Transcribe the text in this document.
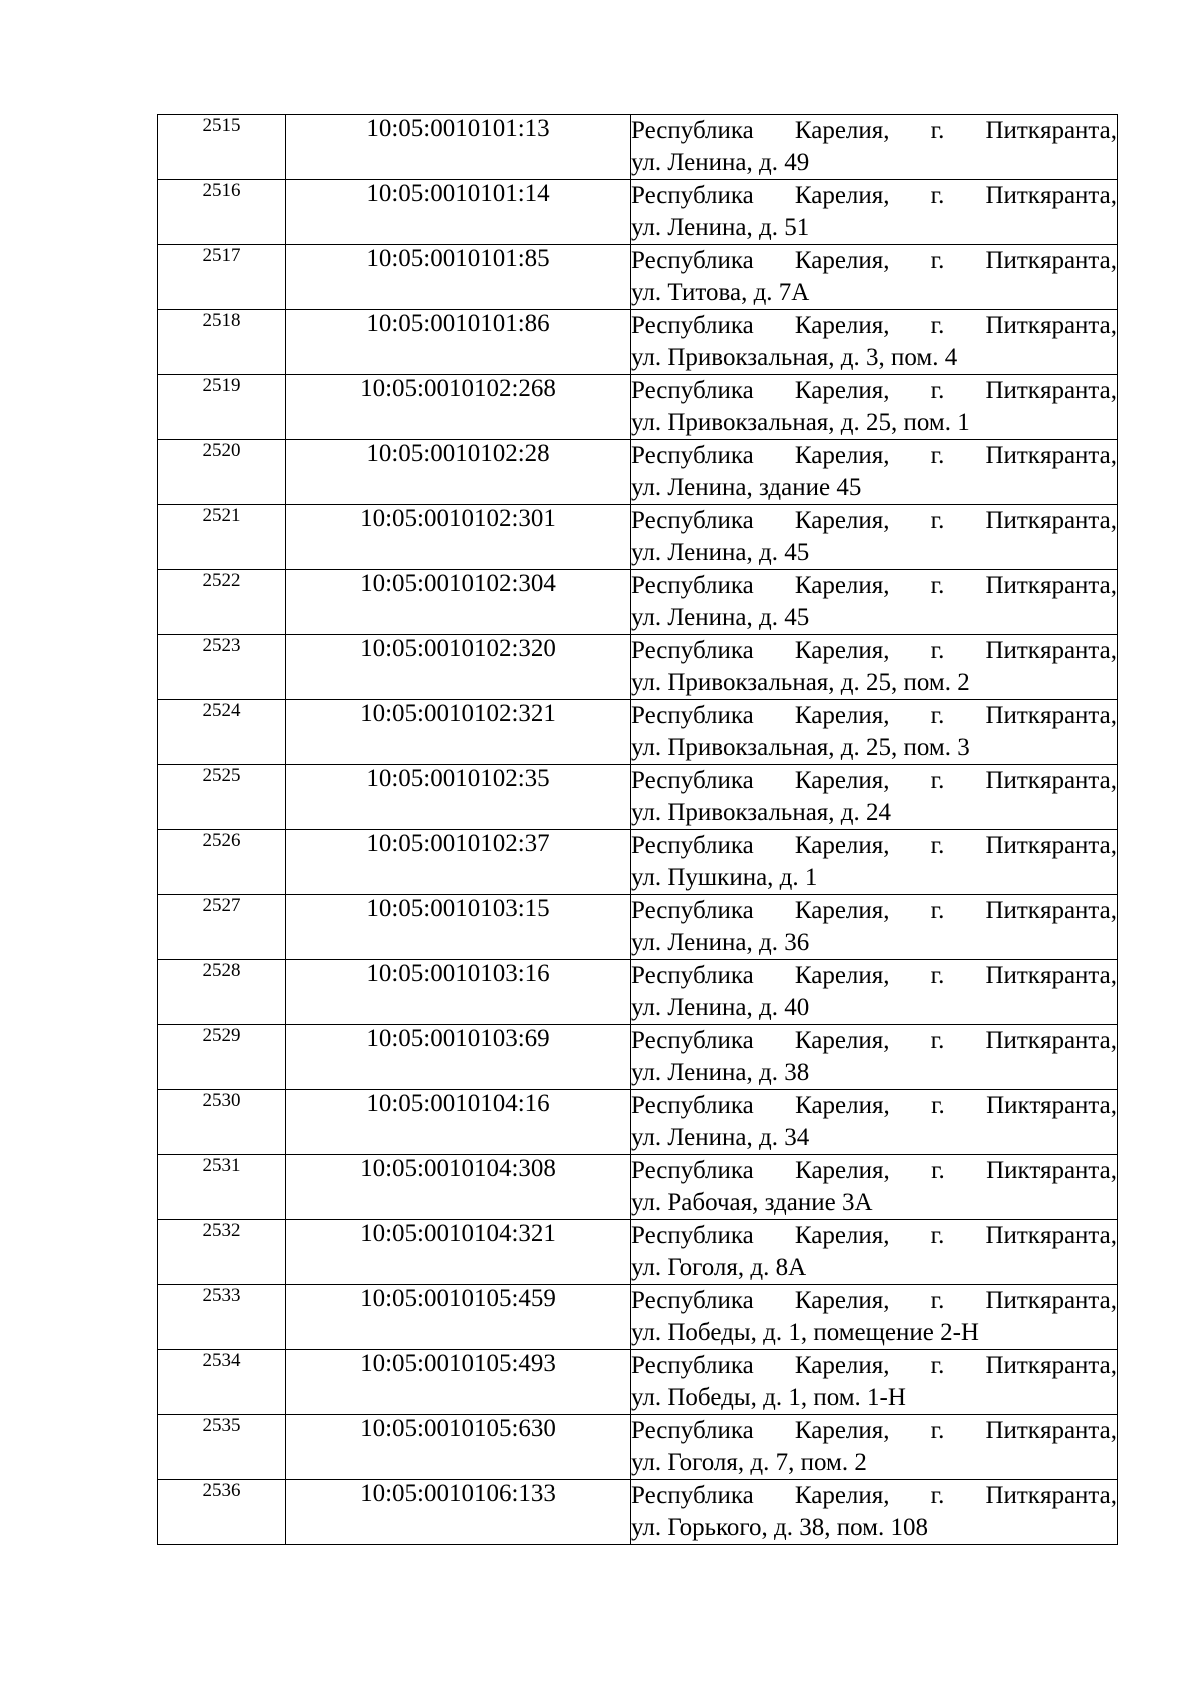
2515	10:05:0010101:13	Республика Карелия, г. Питкяранта,
ул. Ленина, д. 49

2516	10:05:0010101:14	Республика Карелия, г. Питкяранта,
ул. Ленина, д. 51

2517	10:05:0010101:85	Республика Карелия, г. Питкяранта,
ул. Титова, д. 7А

2518	10:05:0010101:86	Республика Карелия, г. Питкяранта,
ул. Привокзальная, д. 3, пом. 4

2519	10:05:0010102:268	Республика Карелия, г. Питкяранта,
ул. Привокзальная, д. 25, пом. 1

2520	10:05:0010102:28	Республика Карелия, г. Питкяранта,
ул. Ленина, здание 45

2521	10:05:0010102:301	Республика Карелия, г. Питкяранта,
ул. Ленина, д. 45

2522	10:05:0010102:304	Республика Карелия, г. Питкяранта,
ул. Ленина, д. 45

2523	10:05:0010102:320	Республика Карелия, г. Питкяранта,
ул. Привокзальная, д. 25, пом. 2

2524	10:05:0010102:321	Республика Карелия, г. Питкяранта,
ул. Привокзальная, д. 25, пом. 3

2525	10:05:0010102:35	Республика Карелия, г. Питкяранта,
ул. Привокзальная, д. 24

2526	10:05:0010102:37	Республика Карелия, г. Питкяранта,
ул. Пушкина, д. 1

2527	10:05:0010103:15	Республика Карелия, г. Питкяранта,
ул. Ленина, д. 36

2528	10:05:0010103:16	Республика Карелия, г. Питкяранта,
ул. Ленина, д. 40

2529	10:05:0010103:69	Республика Карелия, г. Питкяранта,
ул. Ленина, д. 38

2530	10:05:0010104:16	Республика Карелия, г. Пиктяранта,
ул. Ленина, д. 34

2531	10:05:0010104:308	Республика Карелия, г. Пиктяранта,
ул. Рабочая, здание 3А

2532	10:05:0010104:321	Республика Карелия, г. Питкяранта,
ул. Гоголя, д. 8А

2533	10:05:0010105:459	Республика Карелия, г. Питкяранта,
ул. Победы, д. 1, помещение 2-Н

2534	10:05:0010105:493	Республика Карелия, г. Питкяранта,
ул. Победы, д. 1, пом. 1-Н

2535	10:05:0010105:630	Республика Карелия, г. Питкяранта,
ул. Гоголя, д. 7, пом. 2

2536	10:05:0010106:133	Республика Карелия, г. Питкяранта,
ул. Горького, д. 38, пом. 108
